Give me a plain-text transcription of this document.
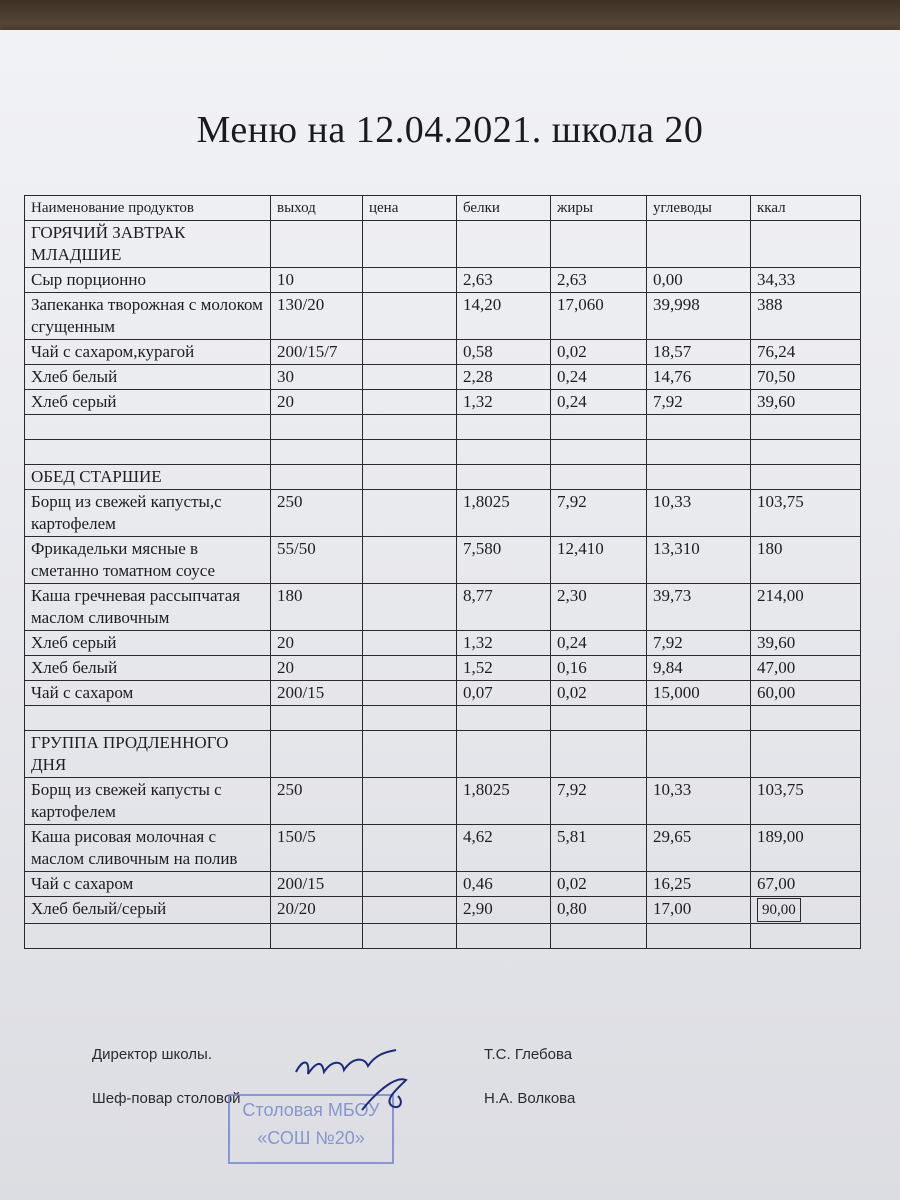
Меню на 12.04.2021. школа 20
Наименование продуктов	выход	цена	белки	жиры	углеводы	ккал
ГОРЯЧИЙ ЗАВТРАК МЛАДШИЕ						
Сыр порционно	10		2,63	2,63	0,00	34,33
Запеканка творожная с молоком сгущенным	130/20		14,20	17,060	39,998	388
Чай с сахаром,курагой	200/15/7		0,58	0,02	18,57	76,24
Хлеб белый	30		2,28	0,24	14,76	70,50
Хлеб серый	20		1,32	0,24	7,92	39,60

ОБЕД СТАРШИЕ						
Борщ из свежей капусты,с картофелем	250		1,8025	7,92	10,33	103,75
Фрикадельки мясные в сметанно томатном соусе	55/50		7,580	12,410	13,310	180
Каша гречневая рассыпчатая маслом сливочным	180		8,77	2,30	39,73	214,00
Хлеб серый	20		1,32	0,24	7,92	39,60
Хлеб белый	20		1,52	0,16	9,84	47,00
Чай с сахаром	200/15		0,07	0,02	15,000	60,00

ГРУППА ПРОДЛЕННОГО ДНЯ						
Борщ из свежей капусты с картофелем	250		1,8025	7,92	10,33	103,75
Каша рисовая молочная с маслом сливочным на полив	150/5		4,62	5,81	29,65	189,00
Чай с сахаром	200/15		0,46	0,02	16,25	67,00
Хлеб белый/серый	20/20		2,90	0,80	17,00	90,00

Директор школы.	Т.С. Глебова
Шеф-повар столовой	Н.А. Волкова
Столовая МБОУ
«СОШ №20»
